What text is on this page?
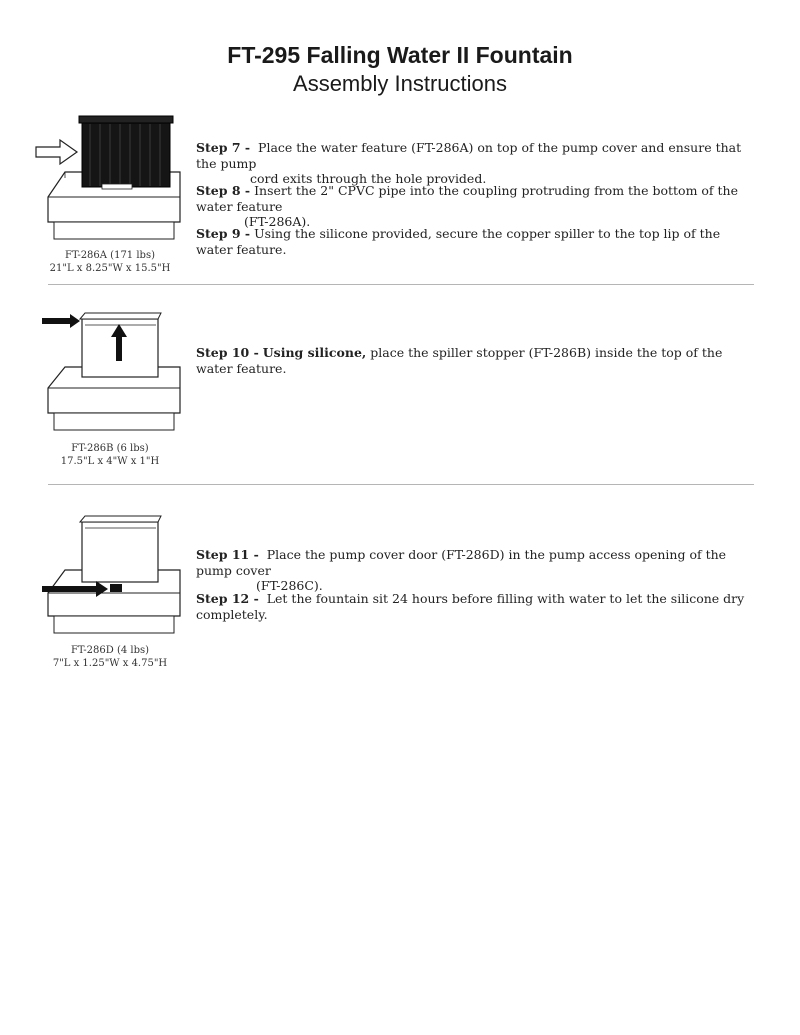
FT-295 Falling Water II Fountain
Assembly Instructions
FT-286A (171 lbs)
21"L x 8.25"W x 15.5"H
Step 7 - Place the water feature (FT-286A) on top of the pump cover and ensure that the pump
cord exits through the hole provided.
Step 8 - Insert the 2" CPVC pipe into the coupling protruding from the bottom of the water feature
(FT-286A).
Step 9 - Using the silicone provided, secure the copper spiller to the top lip of the water feature.
FT-286B (6 lbs)
17.5"L x 4"W x 1"H
Step 10 - Using silicone, place the spiller stopper (FT-286B) inside the top of the water feature.
FT-286D (4 lbs)
7"L x 1.25"W x 4.75"H
Step 11 - Place the pump cover door (FT-286D) in the pump access opening of the pump cover
(FT-286C).
Step 12 - Let the fountain sit 24 hours before filling with water to let the silicone dry completely.
